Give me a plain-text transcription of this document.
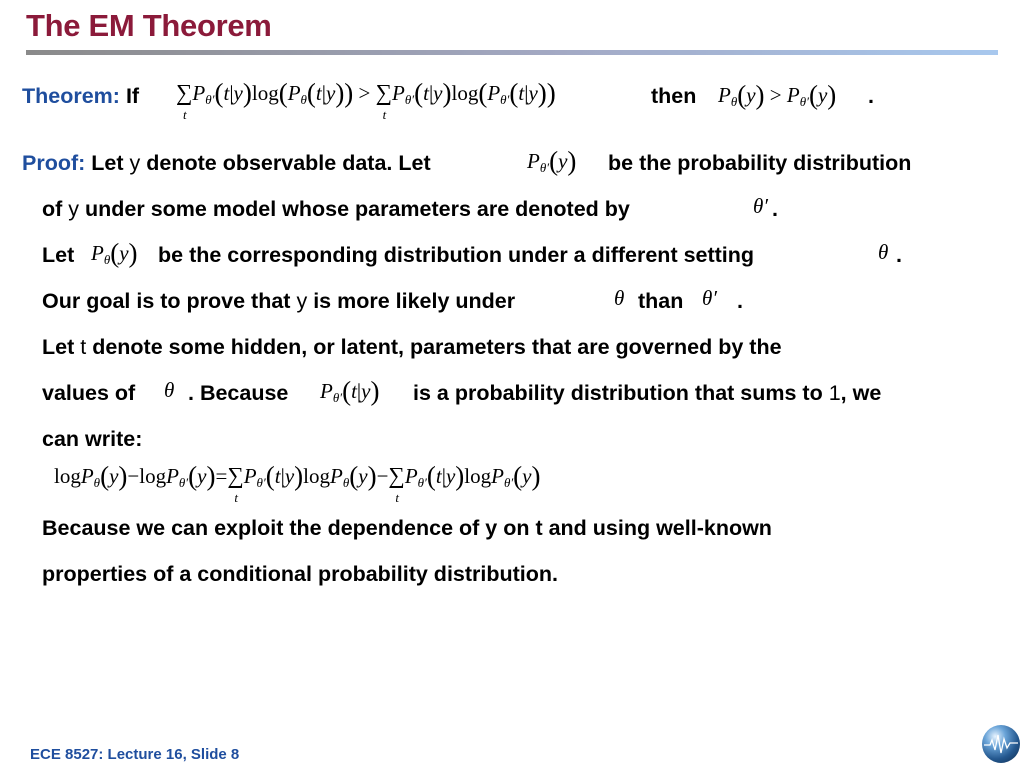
The EM Theorem
Theorem: If ∑
t
$P_{\theta'}(t|y)\log(P_\theta(t|y))$ > ∑
t
$P_{\theta'}(t|y)\log(P_{\theta'}(t|y))$	then $P_\theta(y) > P_{\theta'}(y)$ .
Proof: Let y denote observable data. Let	$P_{\theta'}(y)$ be the probability distribution
of y under some model whose parameters are denoted by	θ′ .
Let $P_\theta(y)$ be the corresponding distribution under a different setting	θ .
Our goal is to prove that y is more likely under	θ than θ′ .
Let t denote some hidden, or latent, parameters that are governed by the
values of θ . Because $P_{\theta'}(t|y)$ is a probability distribution that sums to 1, we
can write:
logP$_\theta$(y)−logP$_{\theta'}$(y)=∑
t
$P_{\theta'}(t|y)\log P_\theta(y)-\sum$
t
$P_{\theta'}(t|y)\log P_{\theta'}(y)$
Because we can exploit the dependence of y on t and using well-known
properties of a conditional probability distribution.
ECE 8527: Lecture 16, Slide 8
